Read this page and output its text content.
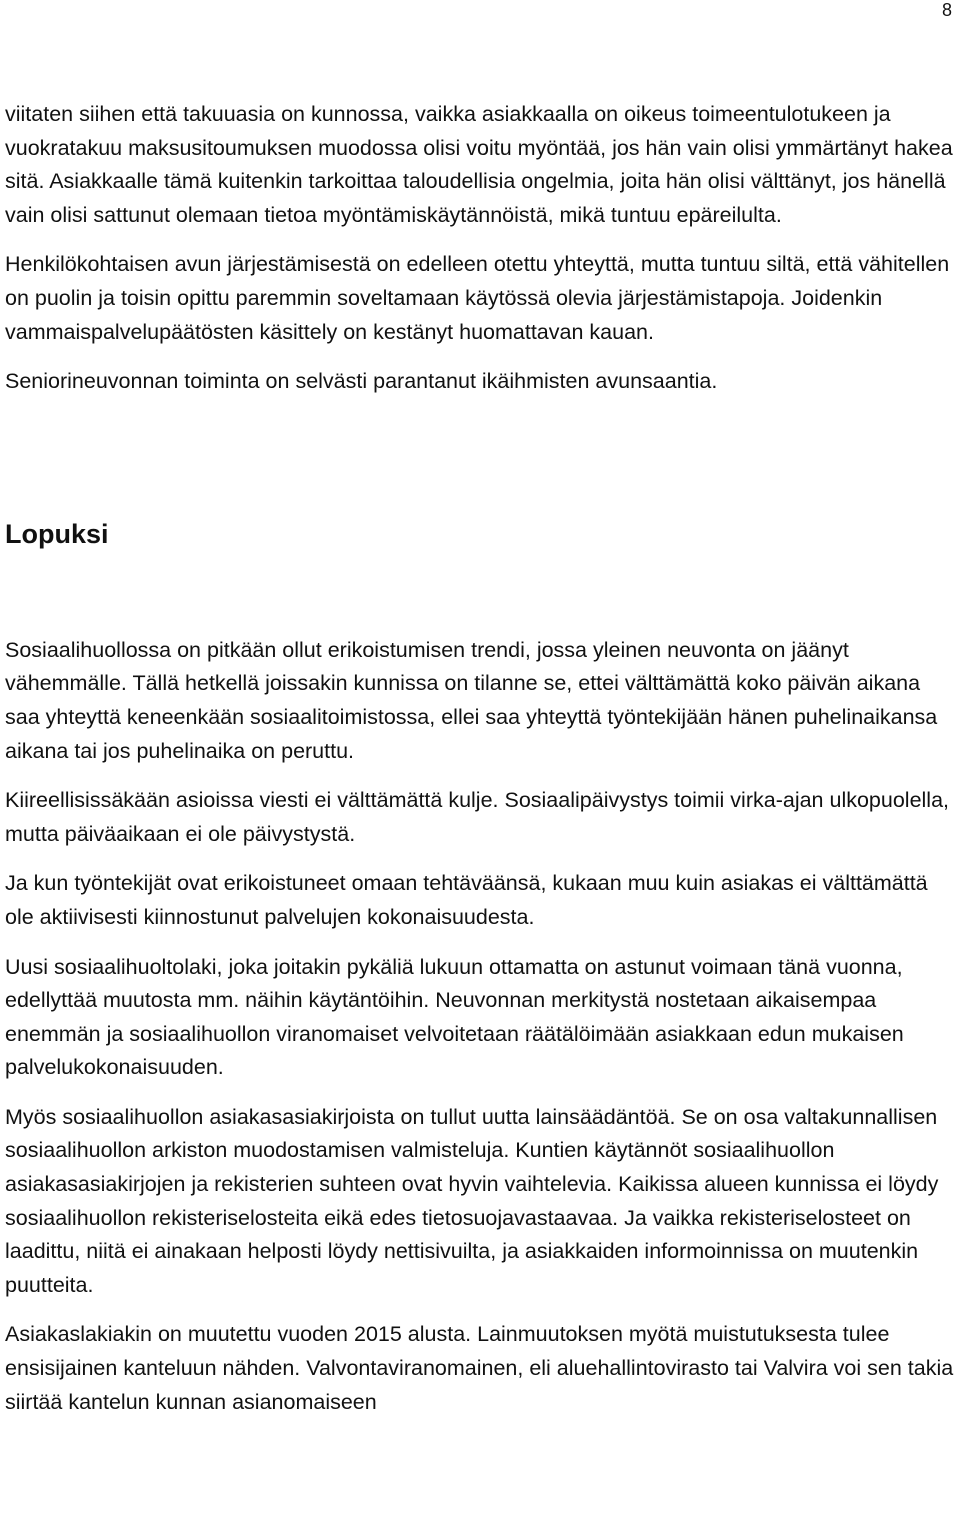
8

viitaten siihen että takuuasia on kunnossa, vaikka asiakkaalla on oikeus toimeentulotukeen ja vuokratakuu maksusitoumuksen muodossa olisi voitu myöntää, jos hän vain olisi ymmärtänyt hakea sitä. Asiakkaalle tämä kuitenkin tarkoittaa taloudellisia ongelmia, joita hän olisi välttänyt, jos hänellä vain olisi sattunut olemaan tietoa myöntämiskäytännöistä, mikä tuntuu epäreilulta.

Henkilökohtaisen avun järjestämisestä on edelleen otettu yhteyttä, mutta tuntuu siltä, että vähitellen on puolin ja toisin opittu paremmin soveltamaan käytössä olevia järjestämistapoja. Joidenkin vammaispalvelupäätösten käsittely on kestänyt huomattavan kauan.

Seniorineuvonnan toiminta on selvästi parantanut ikäihmisten avunsaantia.

Lopuksi

Sosiaalihuollossa on pitkään ollut erikoistumisen trendi, jossa yleinen neuvonta on jäänyt vähemmälle. Tällä hetkellä joissakin kunnissa on tilanne se, ettei välttämättä koko päivän aikana saa yhteyttä keneenkään sosiaalitoimistossa, ellei saa yhteyttä työntekijään hänen puhelinaikansa aikana tai jos puhelinaika on peruttu.

Kiireellisissäkään asioissa viesti ei välttämättä kulje. Sosiaalipäivystys toimii virka-ajan ulkopuolella, mutta päiväaikaan ei ole päivystystä.

Ja kun työntekijät ovat erikoistuneet omaan tehtäväänsä, kukaan muu kuin asiakas ei välttämättä ole aktiivisesti kiinnostunut palvelujen kokonaisuudesta.

Uusi sosiaalihuoltolaki, joka joitakin pykäliä lukuun ottamatta on astunut voimaan tänä vuonna, edellyttää muutosta mm. näihin käytäntöihin. Neuvonnan merkitystä nostetaan aikaisempaa enemmän ja sosiaalihuollon viranomaiset velvoitetaan räätälöimään asiakkaan edun mukaisen palvelukokonaisuuden.

Myös sosiaalihuollon asiakasasiakirjoista on tullut uutta lainsäädäntöä. Se on osa valtakunnallisen sosiaalihuollon arkiston muodostamisen valmisteluja. Kuntien käytännöt sosiaalihuollon asiakasasiakirjojen ja rekisterien suhteen ovat hyvin vaihtelevia. Kaikissa alueen kunnissa ei löydy sosiaalihuollon rekisteriselosteita eikä edes tietosuojavastaavaa. Ja vaikka rekisteriselosteet on laadittu, niitä ei ainakaan helposti löydy nettisivuilta, ja asiakkaiden informoinnissa on muutenkin puutteita.

Asiakaslakiakin on muutettu vuoden 2015 alusta. Lainmuutoksen myötä muistutuksesta tulee ensisijainen kanteluun nähden. Valvontaviranomainen, eli aluehallintovirasto tai Valvira voi sen takia siirtää kantelun kunnan asianomaiseen
